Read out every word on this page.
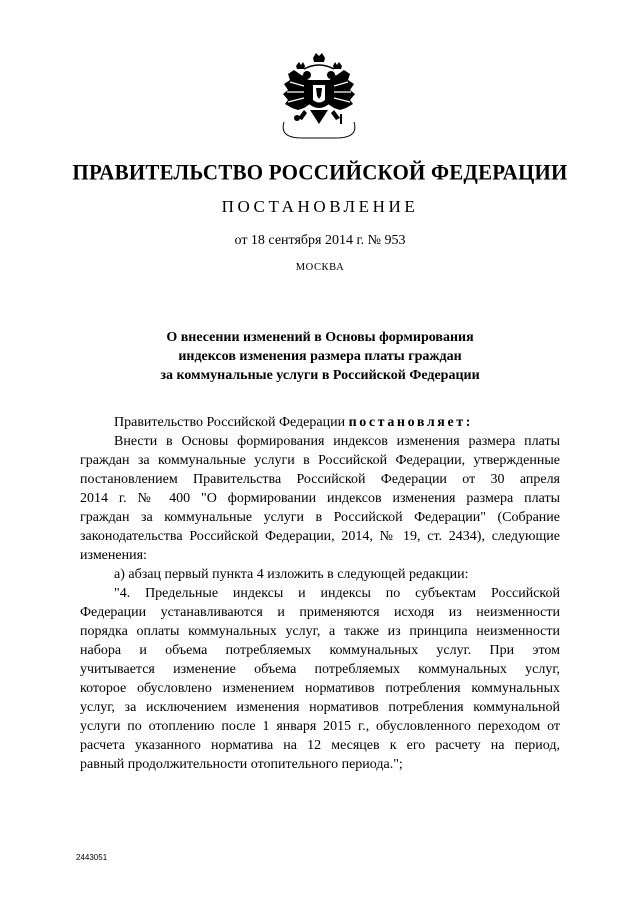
ПРАВИТЕЛЬСТВО РОССИЙСКОЙ ФЕДЕРАЦИИ
ПОСТАНОВЛЕНИЕ
от 18 сентября 2014 г. № 953
МОСКВА
О внесении изменений в Основы формирования
индексов изменения размера платы граждан
за коммунальные услуги в Российской Федерации
Правительство Российской Федерации постановляет:
Внести в Основы формирования индексов изменения размера платы
граждан за коммунальные услуги в Российской Федерации, утвержденные
постановлением Правительства Российской Федерации от 30 апреля
2014 г. № 400 "О формировании индексов изменения размера платы
граждан за коммунальные услуги в Российской Федерации" (Собрание
законодательства Российской Федерации, 2014, № 19, ст. 2434), следующие
изменения:
а) абзац первый пункта 4 изложить в следующей редакции:
"4. Предельные индексы и индексы по субъектам Российской
Федерации устанавливаются и применяются исходя из неизменности
порядка оплаты коммунальных услуг, а также из принципа неизменности
набора и объема потребляемых коммунальных услуг. При этом
учитывается изменение объема потребляемых коммунальных услуг,
которое обусловлено изменением нормативов потребления коммунальных
услуг, за исключением изменения нормативов потребления коммунальной
услуги по отоплению после 1 января 2015 г., обусловленного переходом от
расчета указанного норматива на 12 месяцев к его расчету на период,
равный продолжительности отопительного периода.";
2443051
